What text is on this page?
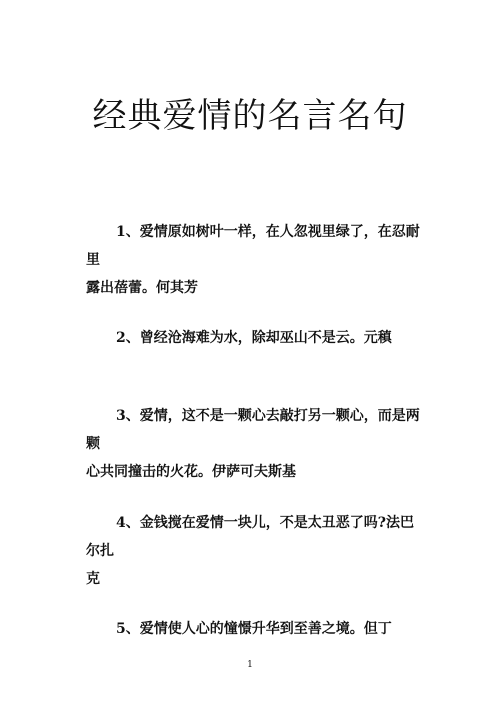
经典爱情的名言名句

1、爱情原如树叶一样，在人忽视里绿了，在忍耐里
露出蓓蕾。何其芳

2、曾经沧海难为水，除却巫山不是云。元稹

3、爱情，这不是一颗心去敲打另一颗心，而是两颗
心共同撞击的火花。伊萨可夫斯基

4、金钱搅在爱情一块儿，不是太丑恶了吗?法巴尔扎
克

5、爱情使人心的憧憬升华到至善之境。但丁

1
